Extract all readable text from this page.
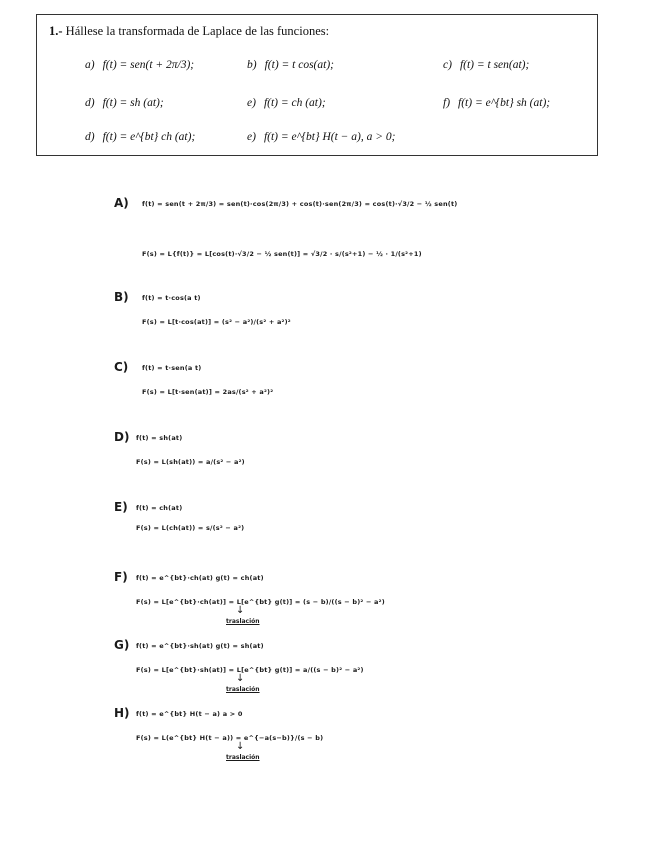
1.- Hállese la transformada de Laplace de las funciones:
a) f(t) = sen(t + 2π/3);	b) f(t) = t cos(at);	c) f(t) = t sen(at);
d) f(t) = sh (at);	e) f(t) = ch (at);	f) f(t) = e^{bt} sh (at);
d) f(t) = e^{bt} ch (at);	e) f(t) = e^{bt} H(t − a), a > 0;
A) f(t) = sen(t + 2π/3) = sen(t)·cos(2π/3) + cos(t)·sen(2π/3) = cos(t)·√3/2 − ½ sen(t)
F(s) = L{f(t)} = L[cos(t)·√3/2 − ½ sen(t)] = √3/2 · s/(s²+1) − ½ · 1/(s²+1)
B) f(t) = t·cos(a t)
F(s) = L[t·cos(at)] = (s² − a²)/(s² + a²)²
C) f(t) = t·sen(a t)
F(s) = L[t·sen(at)] = 2as/(s² + a²)²
D) f(t) = sh(at)
F(s) = L(sh(at)) = a/(s² − a²)
E) f(t) = ch(at)
F(s) = L(ch(at)) = s/(s² − a²)
F) f(t) = e^{bt}·ch(at) g(t) = ch(at)
F(s) = L[e^{bt}·ch(at)] = L[e^{bt} g(t)] = (s − b)/((s − b)² − a²)
↓
traslación
G) f(t) = e^{bt}·sh(at) g(t) = sh(at)
F(s) = L[e^{bt}·sh(at)] = L[e^{bt} g(t)] = a/((s − b)² − a²)
↓
traslación
H) f(t) = e^{bt} H(t − a) a > 0
F(s) = L(e^{bt} H(t − a)) = e^{−a(s−b)}/(s − b)
↓
traslación
